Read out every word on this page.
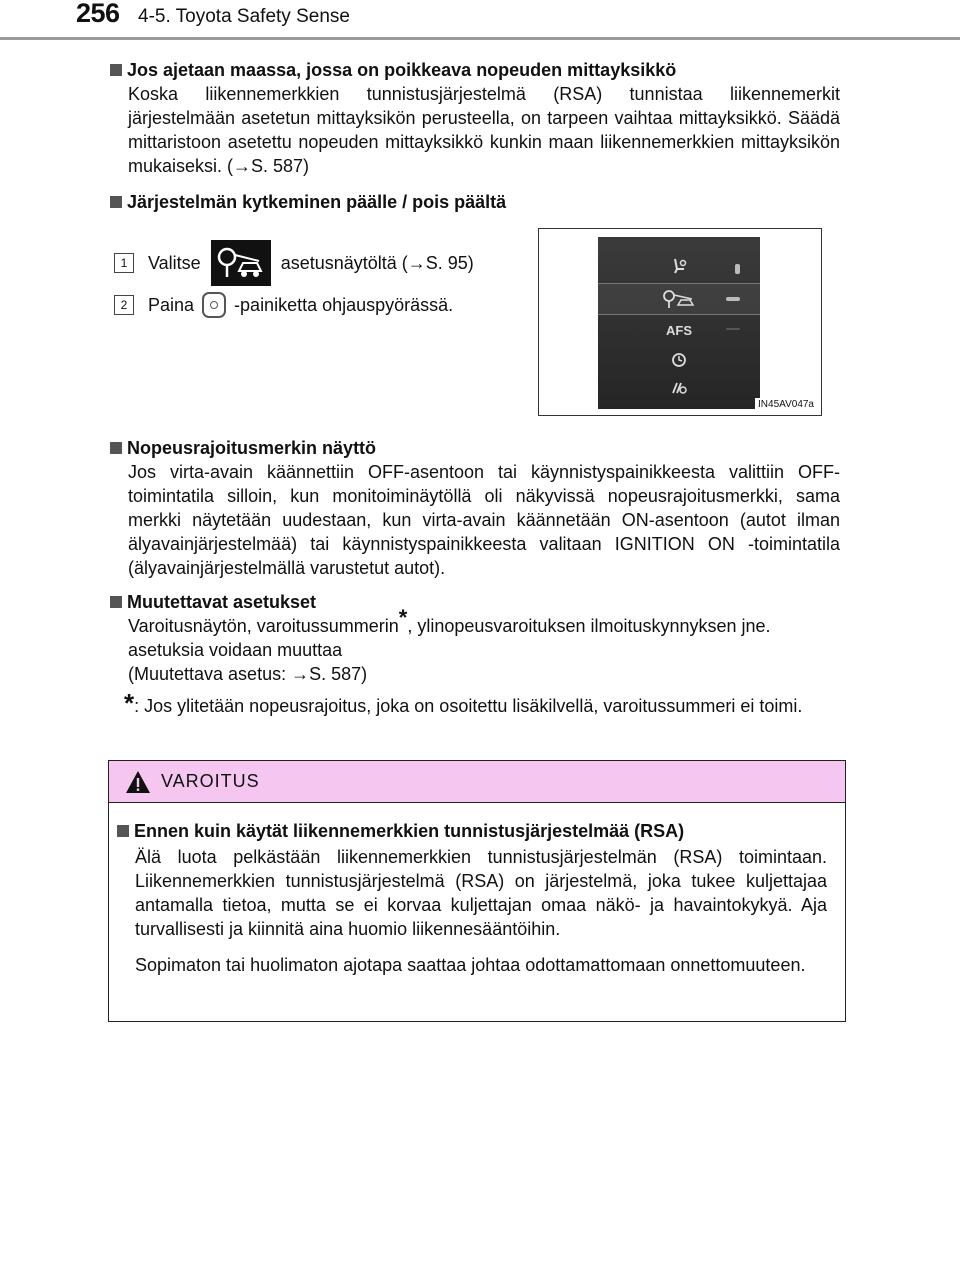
256 4-5. Toyota Safety Sense
Jos ajetaan maassa, jossa on poikkeava nopeuden mittayksikkö
Koska liikennemerkkien tunnistusjärjestelmä (RSA) tunnistaa liikennemerkit järjestelmään asetetun mittayksikön perusteella, on tarpeen vaihtaa mittayksikkö. Säädä mittaristoon asetettu nopeuden mittayksikkö kunkin maan liikennemerkkien mittayksikön mukaiseksi. (→S. 587)
Järjestelmän kytkeminen päälle / pois päältä
1	Valitse	asetusnäytöltä (→S. 95)
2	Paina -painiketta ohjauspyörässä.
AFS
IN45AV047a
Nopeusrajoitusmerkin näyttö
Jos virta-avain käännettiin OFF-asentoon tai käynnistyspainikkeesta valittiin OFF-toimintatila silloin, kun monitoiminäytöllä oli näkyvissä nopeusrajoitusmerkki, sama merkki näytetään uudestaan, kun virta-avain käännetään ON-asentoon (autot ilman älyavainjärjestelmää) tai käynnistyspainikkeesta valitaan IGNITION ON -toimintatila (älyavainjärjestelmällä varustetut autot).
Muutettavat asetukset
Varoitusnäytön, varoitussummerin*, ylinopeusvaroituksen ilmoituskynnyksen jne. asetuksia voidaan muuttaa
(Muutettava asetus: →S. 587)
*: Jos ylitetään nopeusrajoitus, joka on osoitettu lisäkilvellä, varoitussummeri ei toimi.
VAROITUS
Ennen kuin käytät liikennemerkkien tunnistusjärjestelmää (RSA)
Älä luota pelkästään liikennemerkkien tunnistusjärjestelmän (RSA) toimintaan. Liikennemerkkien tunnistusjärjestelmä (RSA) on järjestelmä, joka tukee kuljettajaa antamalla tietoa, mutta se ei korvaa kuljettajan omaa näkö- ja havaintokykyä. Aja turvallisesti ja kiinnitä aina huomio liikennesääntöihin.
Sopimaton tai huolimaton ajotapa saattaa johtaa odottamattomaan onnettomuuteen.
